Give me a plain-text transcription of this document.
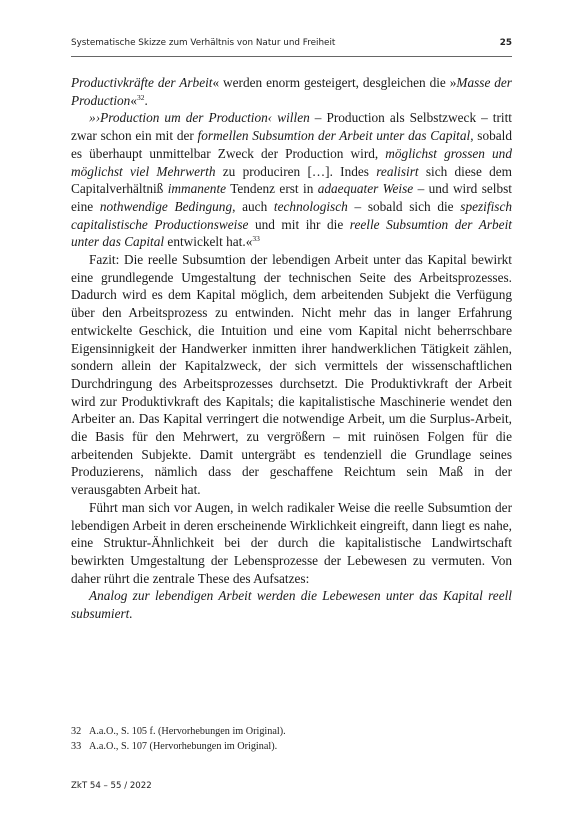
Systematische Skizze zum Verhältnis von Natur und Freiheit	25

Productivkräfte der Arbeit« werden enorm gesteigert, desgleichen die »Masse der Production«$^{32}$.

»›Production um der Production‹ willen – Production als Selbstzweck – tritt zwar schon ein mit der formellen Subsumtion der Arbeit unter das Capital, sobald es überhaupt unmittelbar Zweck der Production wird, möglichst grossen und möglichst viel Mehrwerth zu produciren […]. Indes realisirt sich diese dem Capitalverhältniß immanente Tendenz erst in adaequater Weise – und wird selbst eine nothwendige Bedingung, auch technologisch – sobald sich die spezifisch capitalistische Productionsweise und mit ihr die reelle Subsumtion der Arbeit unter das Capital entwickelt hat.«$^{33}$

Fazit: Die reelle Subsumtion der lebendigen Arbeit unter das Kapital bewirkt eine grundlegende Umgestaltung der technischen Seite des Arbeitsprozesses. Dadurch wird es dem Kapital möglich, dem arbeitenden Subjekt die Verfügung über den Arbeitsprozess zu entwinden. Nicht mehr das in langer Erfahrung entwickelte Geschick, die Intuition und eine vom Kapital nicht beherrschbare Eigensinnigkeit der Handwerker inmitten ihrer handwerklichen Tätigkeit zählen, sondern allein der Kapitalzweck, der sich vermittels der wissenschaftlichen Durchdringung des Arbeitsprozesses durchsetzt. Die Produktivkraft der Arbeit wird zur Produktivkraft des Kapitals; die kapitalistische Maschinerie wendet den Arbeiter an. Das Kapital verringert die notwendige Arbeit, um die Surplus-Arbeit, die Basis für den Mehrwert, zu vergrößern – mit ruinösen Folgen für die arbeitenden Subjekte. Damit untergräbt es tendenziell die Grundlage seines Produzierens, nämlich dass der geschaffene Reichtum sein Maß in der verausgabten Arbeit hat.

Führt man sich vor Augen, in welch radikaler Weise die reelle Subsumtion der lebendigen Arbeit in deren erscheinende Wirklichkeit eingreift, dann liegt es nahe, eine Struktur-Ähnlichkeit bei der durch die kapitalistische Landwirtschaft bewirkten Umgestaltung der Lebensprozesse der Lebewesen zu vermuten. Von daher rührt die zentrale These des Aufsatzes:

Analog zur lebendigen Arbeit werden die Lebewesen unter das Kapital reell subsumiert.

32 A.a.O., S. 105 f. (Hervorhebungen im Original).
33 A.a.O., S. 107 (Hervorhebungen im Original).
ZkT 54 – 55 / 2022
